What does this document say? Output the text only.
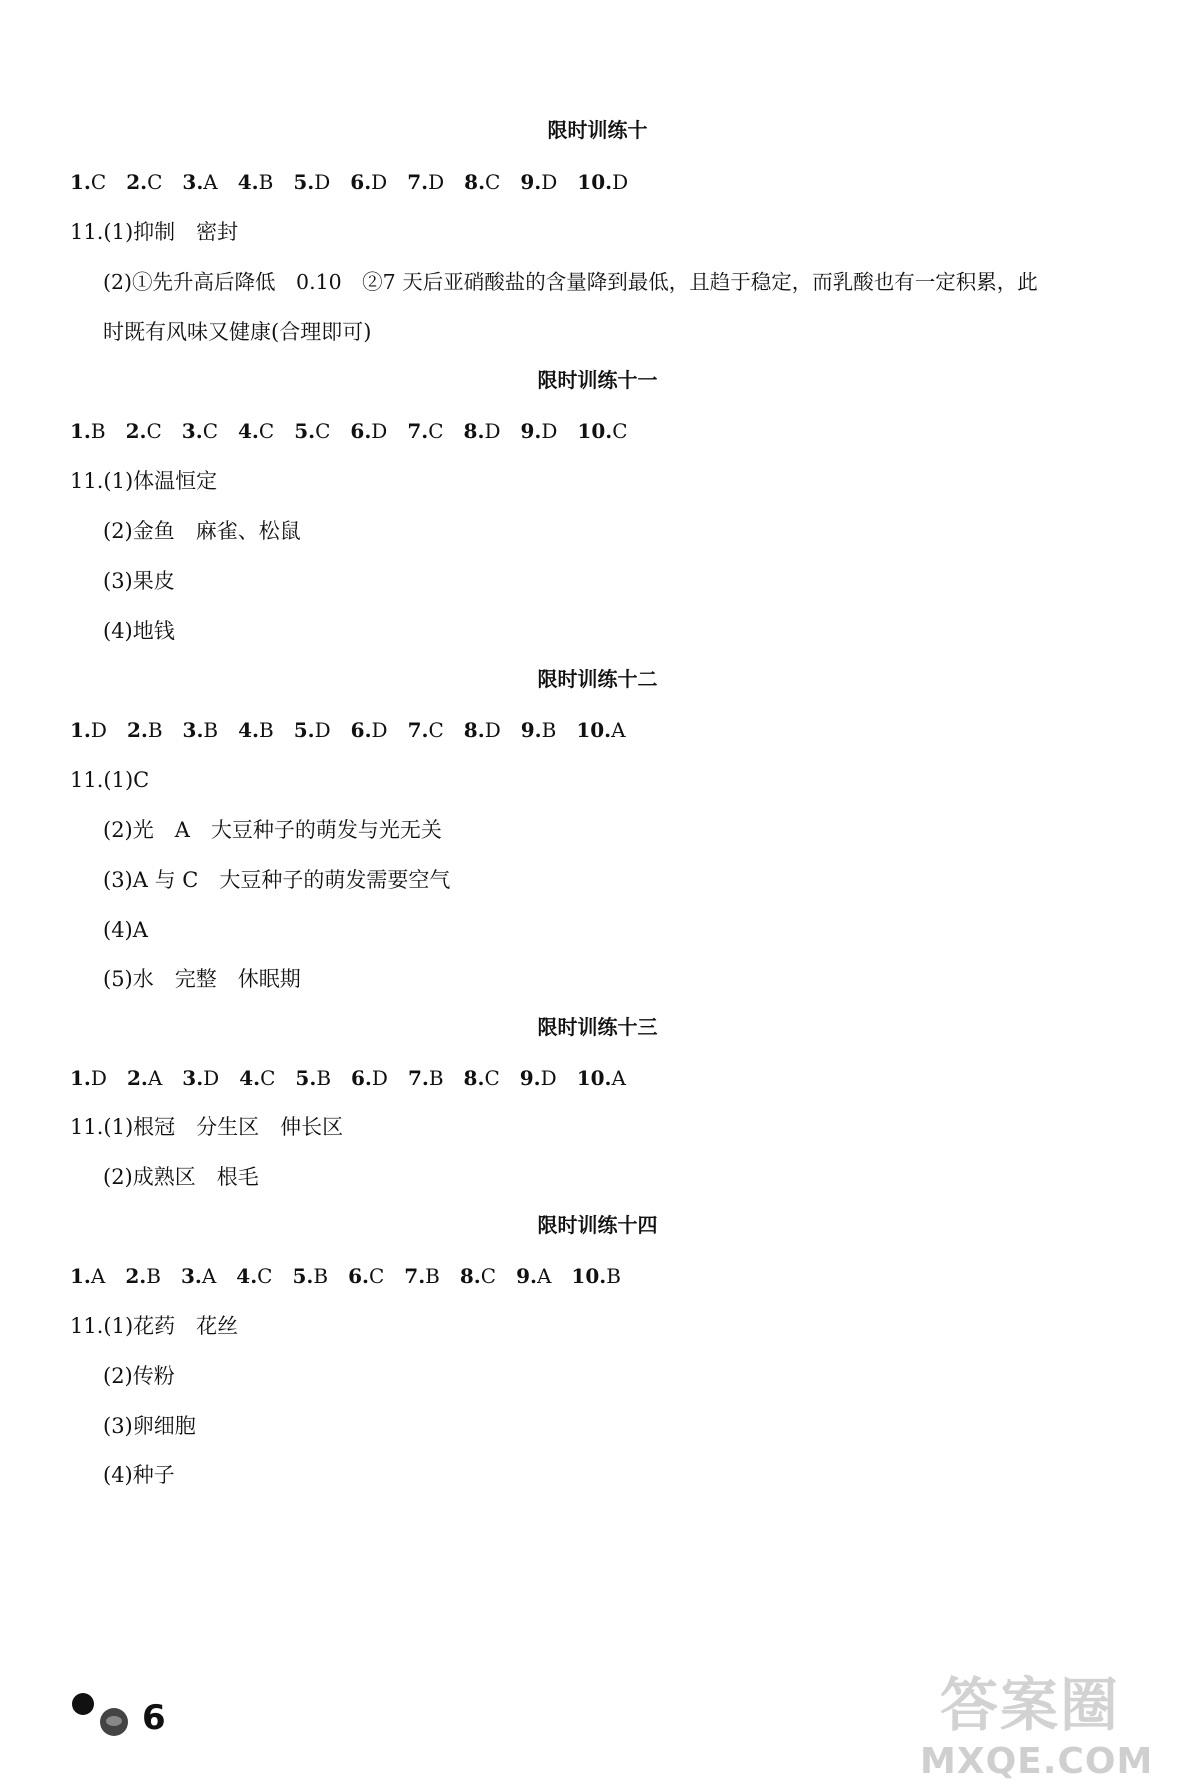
限时训练十
1.C 2.C 3.A 4.B 5.D 6.D 7.D 8.C 9.D 10.D
11.(1)抑制　密封
(2)①先升高后降低　0.10　②7 天后亚硝酸盐的含量降到最低，且趋于稳定，而乳酸也有一定积累，此
时既有风味又健康(合理即可)
限时训练十一
1.B 2.C 3.C 4.C 5.C 6.D 7.C 8.D 9.D 10.C
11.(1)体温恒定
(2)金鱼　麻雀、松鼠
(3)果皮
(4)地钱
限时训练十二
1.D 2.B 3.B 4.B 5.D 6.D 7.C 8.D 9.B 10.A
11.(1)C
(2)光　A　大豆种子的萌发与光无关
(3)A 与 C　大豆种子的萌发需要空气
(4)A
(5)水　完整　休眠期
限时训练十三
1.D 2.A 3.D 4.C 5.B 6.D 7.B 8.C 9.D 10.A
11.(1)根冠　分生区　伸长区
(2)成熟区　根毛
限时训练十四
1.A 2.B 3.A 4.C 5.B 6.C 7.B 8.C 9.A 10.B
11.(1)花药　花丝
(2)传粉
(3)卵细胞
(4)种子
6	答案圈
MXQE.COM
